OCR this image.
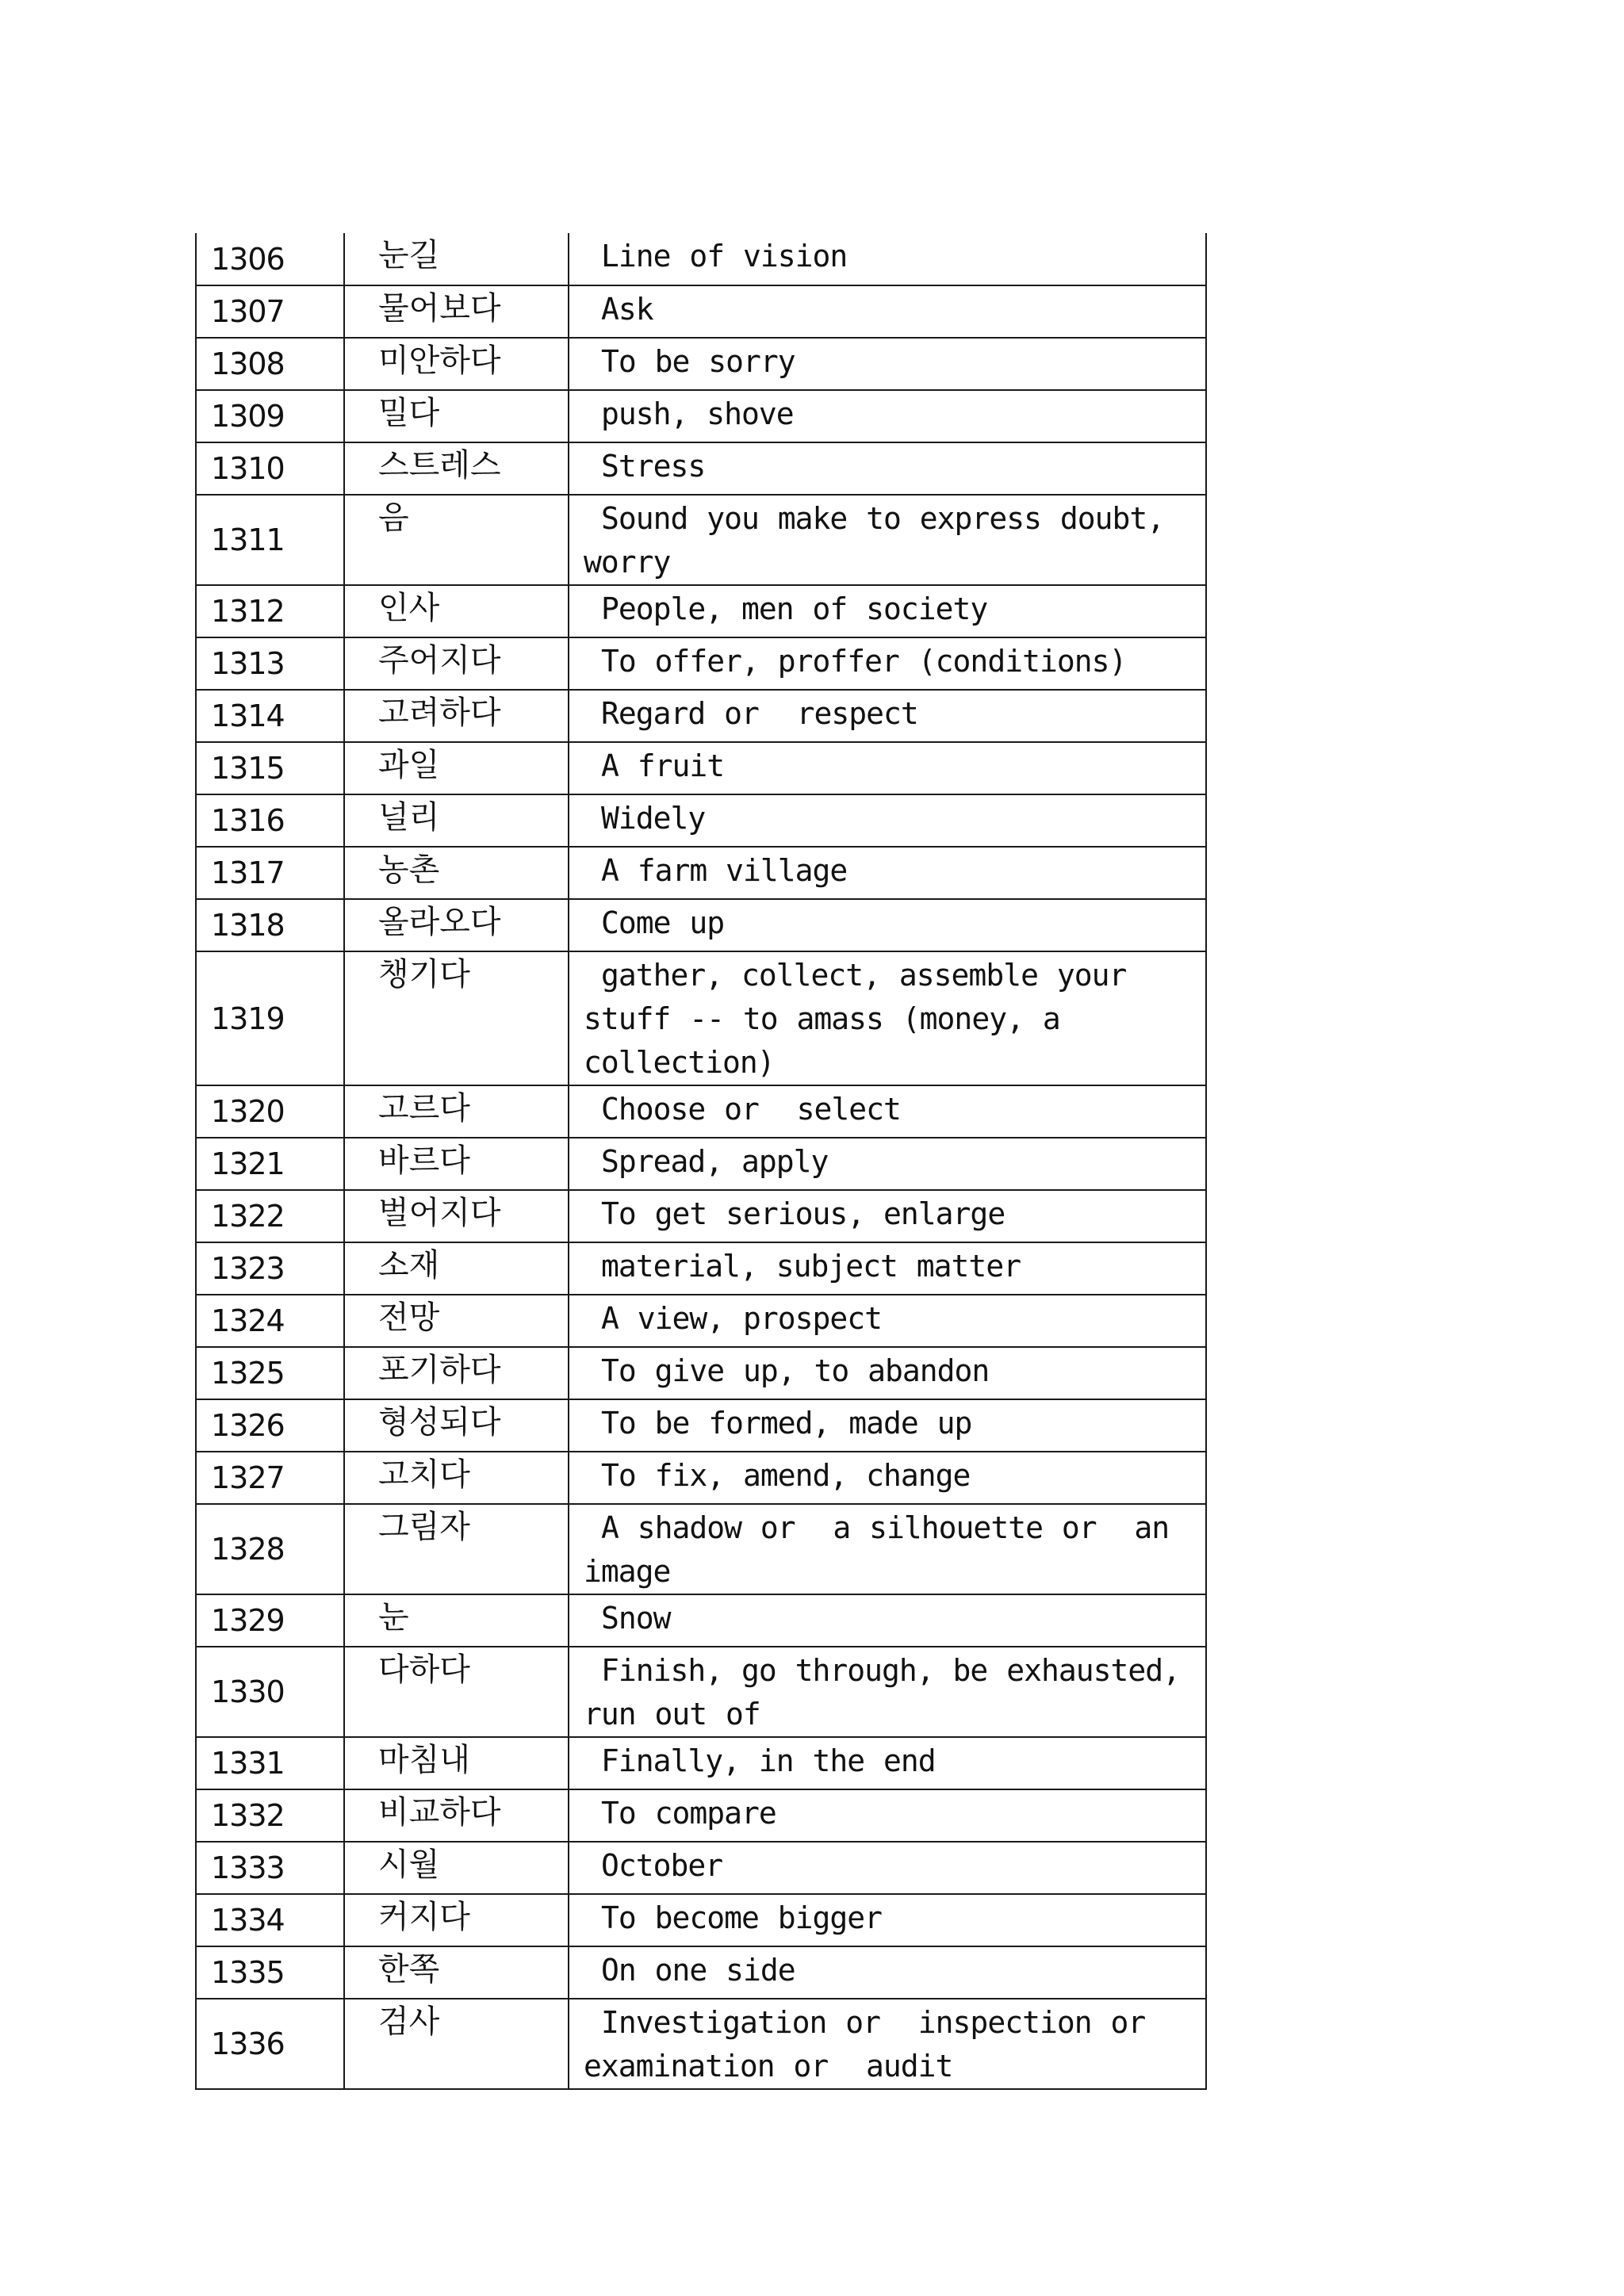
1306	눈길	Line of vision
1307	물어보다	Ask
1308	미안하다	To be sorry
1309	밀다	push, shove
1310	스트레스	Stress
1311	음	Sound you make to express doubt, worry
1312	인사	People, men of society
1313	주어지다	To offer, proffer (conditions)
1314	고려하다	Regard or  respect
1315	과일	A fruit
1316	널리	Widely
1317	농촌	A farm village
1318	올라오다	Come up
1319	챙기다	gather, collect, assemble your stuff -- to amass (money, a collection)
1320	고르다	Choose or  select
1321	바르다	Spread, apply
1322	벌어지다	To get serious, enlarge
1323	소재	material, subject matter
1324	전망	A view, prospect
1325	포기하다	To give up, to abandon
1326	형성되다	To be formed, made up
1327	고치다	To fix, amend, change
1328	그림자	A shadow or  a silhouette or  an image
1329	눈	Snow
1330	다하다	Finish, go through, be exhausted, run out of
1331	마침내	Finally, in the end
1332	비교하다	To compare
1333	시월	October
1334	커지다	To become bigger
1335	한쪽	On one side
1336	검사	Investigation or  inspection or examination or  audit
